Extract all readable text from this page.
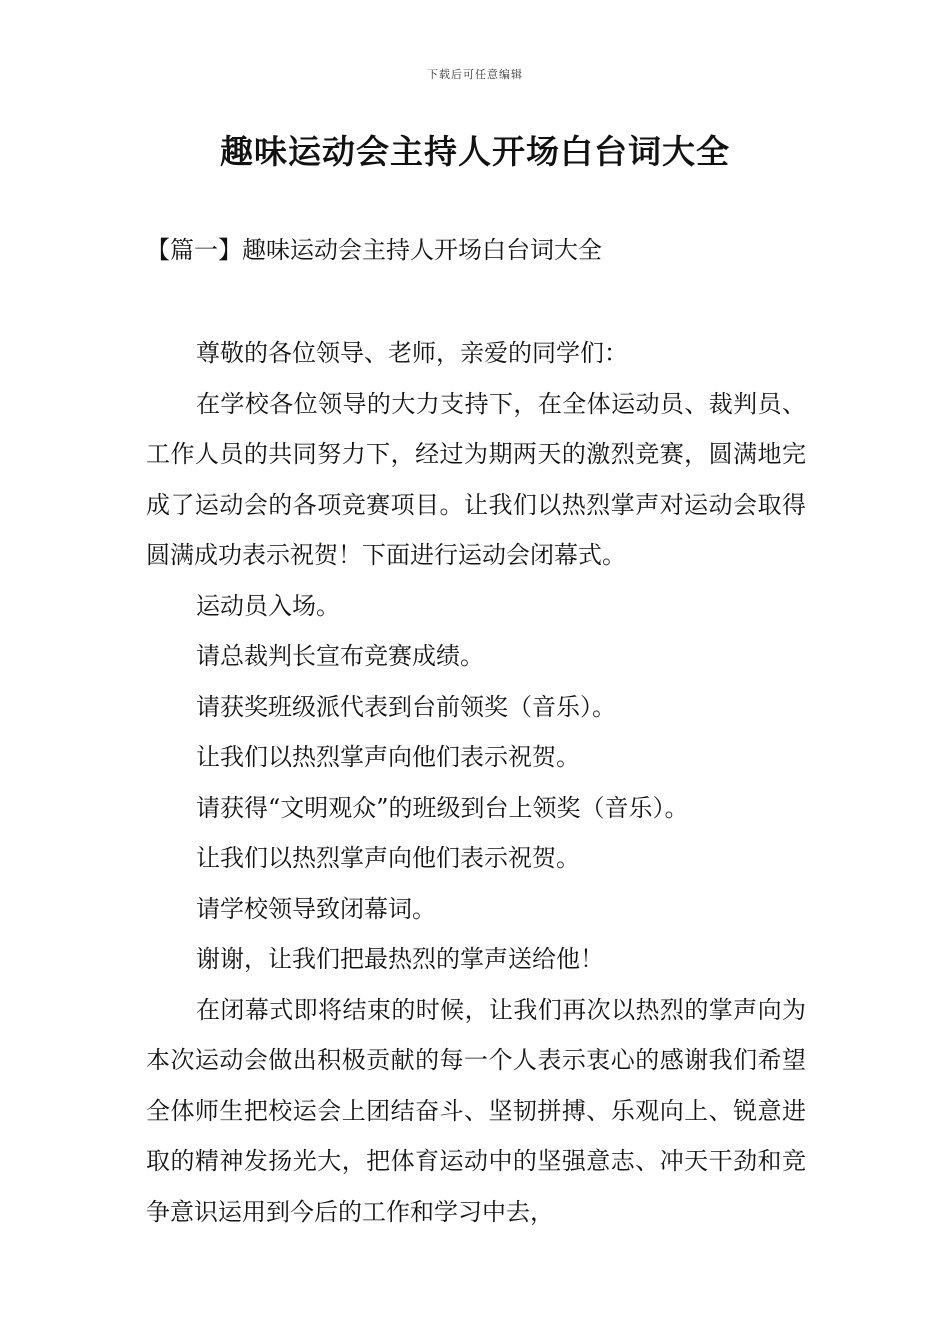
下载后可任意编辑
趣味运动会主持人开场白台词大全
【篇一】趣味运动会主持人开场白台词大全

尊敬的各位领导、老师，亲爱的同学们：

在学校各位领导的大力支持下，在全体运动员、裁判员、工作人员的共同努力下，经过为期两天的激烈竞赛，圆满地完成了运动会的各项竞赛项目。让我们以热烈掌声对运动会取得圆满成功表示祝贺！下面进行运动会闭幕式。

运动员入场。

请总裁判长宣布竞赛成绩。

请获奖班级派代表到台前领奖（音乐）。

让我们以热烈掌声向他们表示祝贺。

请获得“文明观众”的班级到台上领奖（音乐）。

让我们以热烈掌声向他们表示祝贺。

请学校领导致闭幕词。

谢谢，让我们把最热烈的掌声送给他！

在闭幕式即将结束的时候，让我们再次以热烈的掌声向为本次运动会做出积极贡献的每一个人表示衷心的感谢我们希望全体师生把校运会上团结奋斗、坚韧拼搏、乐观向上、锐意进取的精神发扬光大，把体育运动中的坚强意志、冲天干劲和竞争意识运用到今后的工作和学习中去，
